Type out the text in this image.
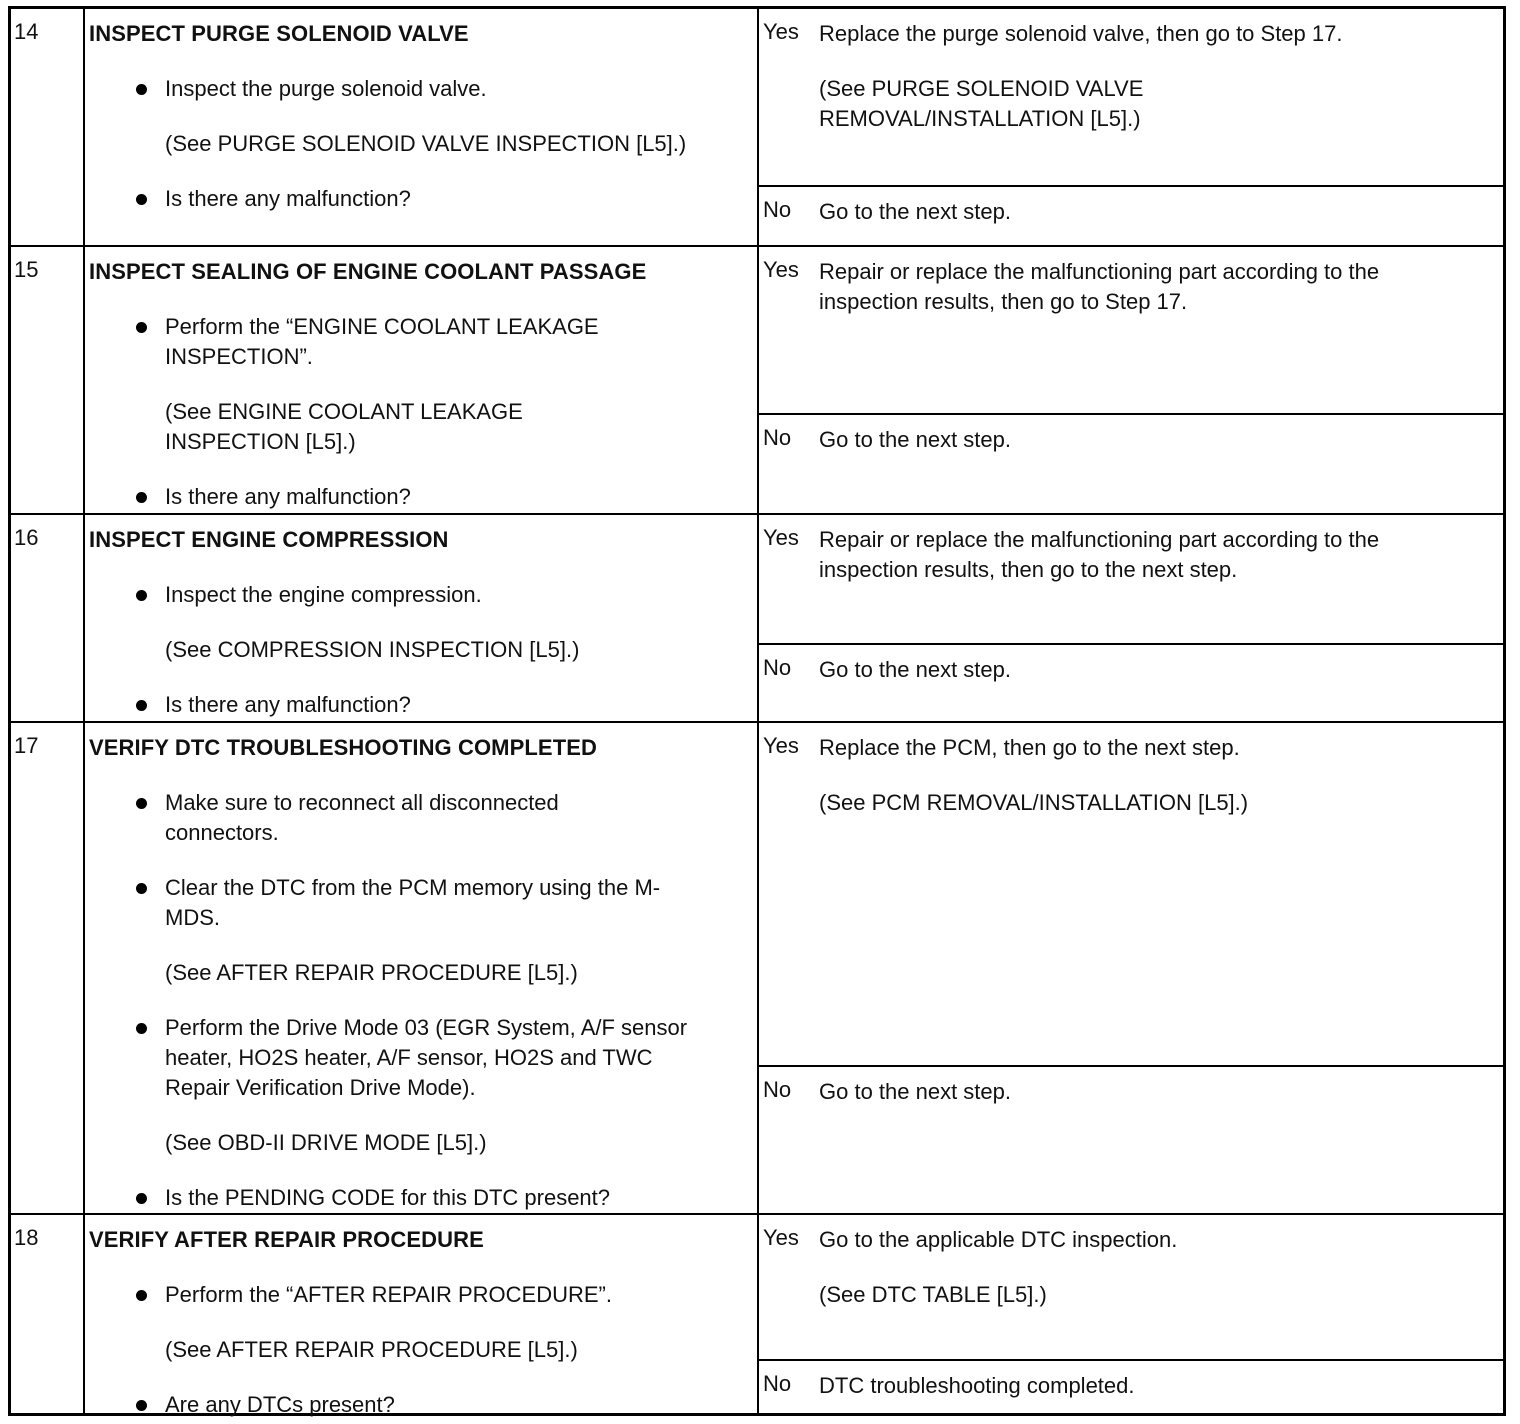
14 INSPECT PURGE SOLENOID VALVE
Inspect the purge solenoid valve.
(See PURGE SOLENOID VALVE INSPECTION [L5].)
Is there any malfunction?
Yes Replace the purge solenoid valve, then go to Step 17.
(See PURGE SOLENOID VALVE REMOVAL/INSTALLATION [L5].)
No Go to the next step.
15 INSPECT SEALING OF ENGINE COOLANT PASSAGE
Perform the “ENGINE COOLANT LEAKAGE INSPECTION”.
(See ENGINE COOLANT LEAKAGE INSPECTION [L5].)
Is there any malfunction?
Yes Repair or replace the malfunctioning part according to the inspection results, then go to Step 17.
No Go to the next step.
16 INSPECT ENGINE COMPRESSION
Inspect the engine compression.
(See COMPRESSION INSPECTION [L5].)
Is there any malfunction?
Yes Repair or replace the malfunctioning part according to the inspection results, then go to the next step.
No Go to the next step.
17 VERIFY DTC TROUBLESHOOTING COMPLETED
Make sure to reconnect all disconnected connectors.
Clear the DTC from the PCM memory using the M-MDS.
(See AFTER REPAIR PROCEDURE [L5].)
Perform the Drive Mode 03 (EGR System, A/F sensor heater, HO2S heater, A/F sensor, HO2S and TWC Repair Verification Drive Mode).
(See OBD-II DRIVE MODE [L5].)
Is the PENDING CODE for this DTC present?
Yes Replace the PCM, then go to the next step.
(See PCM REMOVAL/INSTALLATION [L5].)
No Go to the next step.
18 VERIFY AFTER REPAIR PROCEDURE
Perform the “AFTER REPAIR PROCEDURE”.
(See AFTER REPAIR PROCEDURE [L5].)
Are any DTCs present?
Yes Go to the applicable DTC inspection.
(See DTC TABLE [L5].)
No DTC troubleshooting completed.
